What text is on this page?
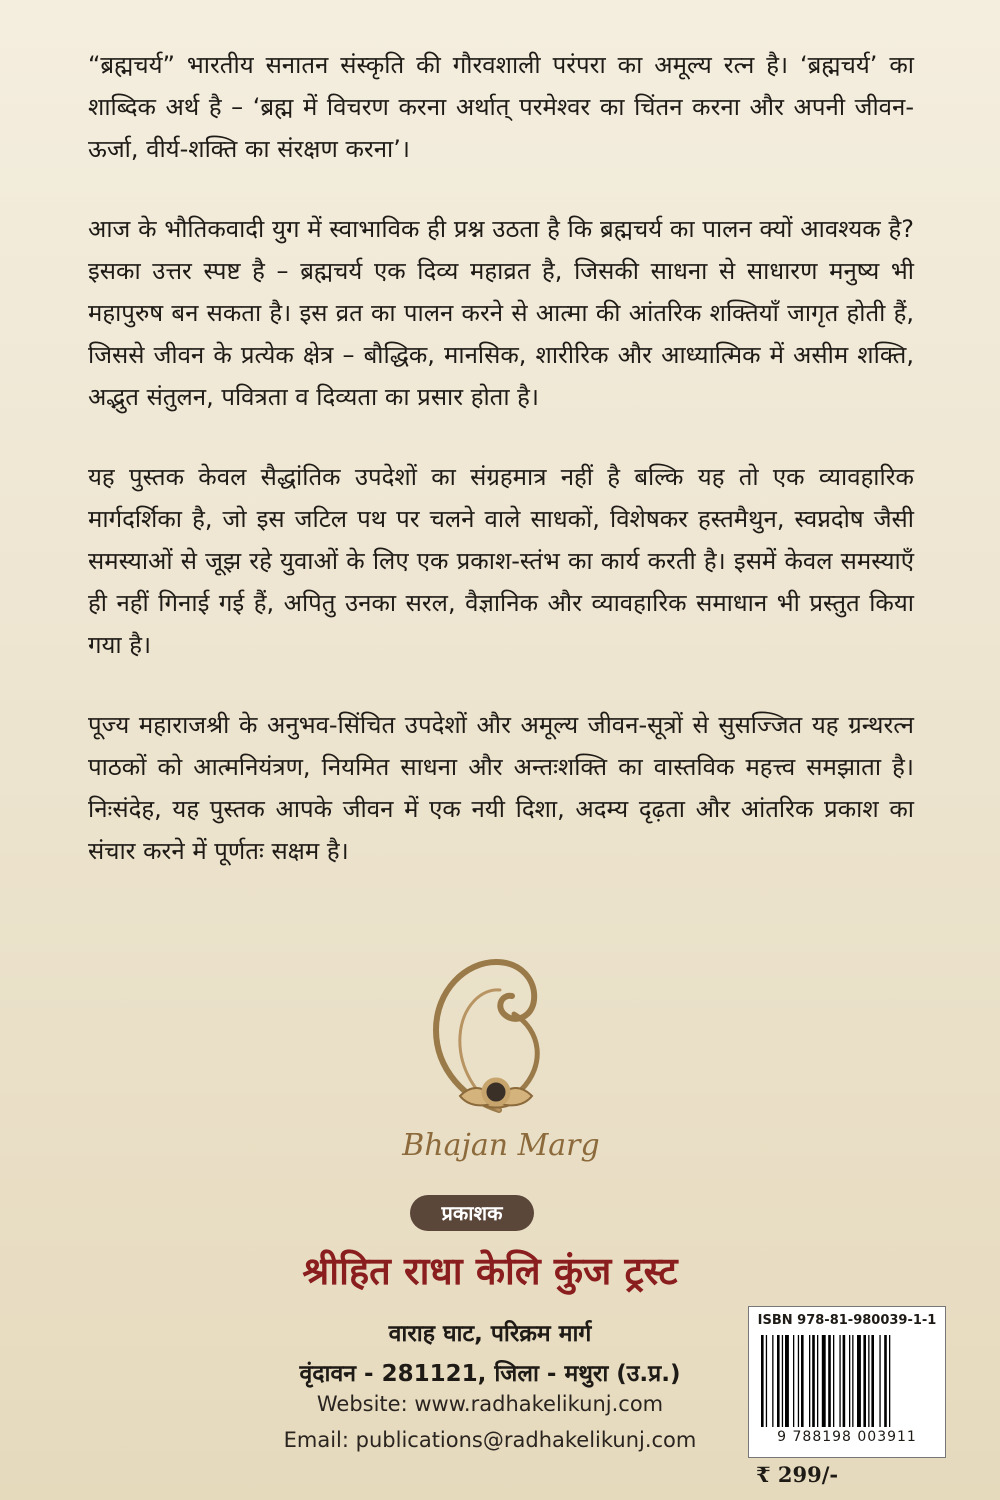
“ब्रह्मचर्य” भारतीय सनातन संस्कृति की गौरवशाली परंपरा का अमूल्य रत्न है। ‘ब्रह्मचर्य’ का शाब्दिक अर्थ है – ‘ब्रह्म में विचरण करना अर्थात् परमेश्वर का चिंतन करना और अपनी जीवन-ऊर्जा, वीर्य-शक्ति का संरक्षण करना’।

आज के भौतिकवादी युग में स्वाभाविक ही प्रश्न उठता है कि ब्रह्मचर्य का पालन क्यों आवश्यक है? इसका उत्तर स्पष्ट है – ब्रह्मचर्य एक दिव्य महाव्रत है, जिसकी साधना से साधारण मनुष्य भी महापुरुष बन सकता है। इस व्रत का पालन करने से आत्मा की आंतरिक शक्तियाँ जागृत होती हैं, जिससे जीवन के प्रत्येक क्षेत्र – बौद्धिक, मानसिक, शारीरिक और आध्यात्मिक में असीम शक्ति, अद्भुत संतुलन, पवित्रता व दिव्यता का प्रसार होता है।

यह पुस्तक केवल सैद्धांतिक उपदेशों का संग्रहमात्र नहीं है बल्कि यह तो एक व्यावहारिक मार्गदर्शिका है, जो इस जटिल पथ पर चलने वाले साधकों, विशेषकर हस्तमैथुन, स्वप्नदोष जैसी समस्याओं से जूझ रहे युवाओं के लिए एक प्रकाश-स्तंभ का कार्य करती है। इसमें केवल समस्याएँ ही नहीं गिनाई गई हैं, अपितु उनका सरल, वैज्ञानिक और व्यावहारिक समाधान भी प्रस्तुत किया गया है।

पूज्य महाराजश्री के अनुभव-सिंचित उपदेशों और अमूल्य जीवन-सूत्रों से सुसज्जित यह ग्रन्थरत्न पाठकों को आत्मनियंत्रण, नियमित साधना और अन्तःशक्ति का वास्तविक महत्त्व समझाता है। निःसंदेह, यह पुस्तक आपके जीवन में एक नयी दिशा, अदम्य दृढ़ता और आंतरिक प्रकाश का संचार करने में पूर्णतः सक्षम है।

Bhajan Marg
प्रकाशक
श्रीहित राधा केलि कुंज ट्रस्ट
वाराह घाट, परिक्रम मार्ग
वृंदावन - 281121, जिला - मथुरा (उ.प्र.)
Website: www.radhakelikunj.com
Email: publications@radhakelikunj.com
ISBN 978-81-980039-1-1
9 788198 003911
₹ 299/-
